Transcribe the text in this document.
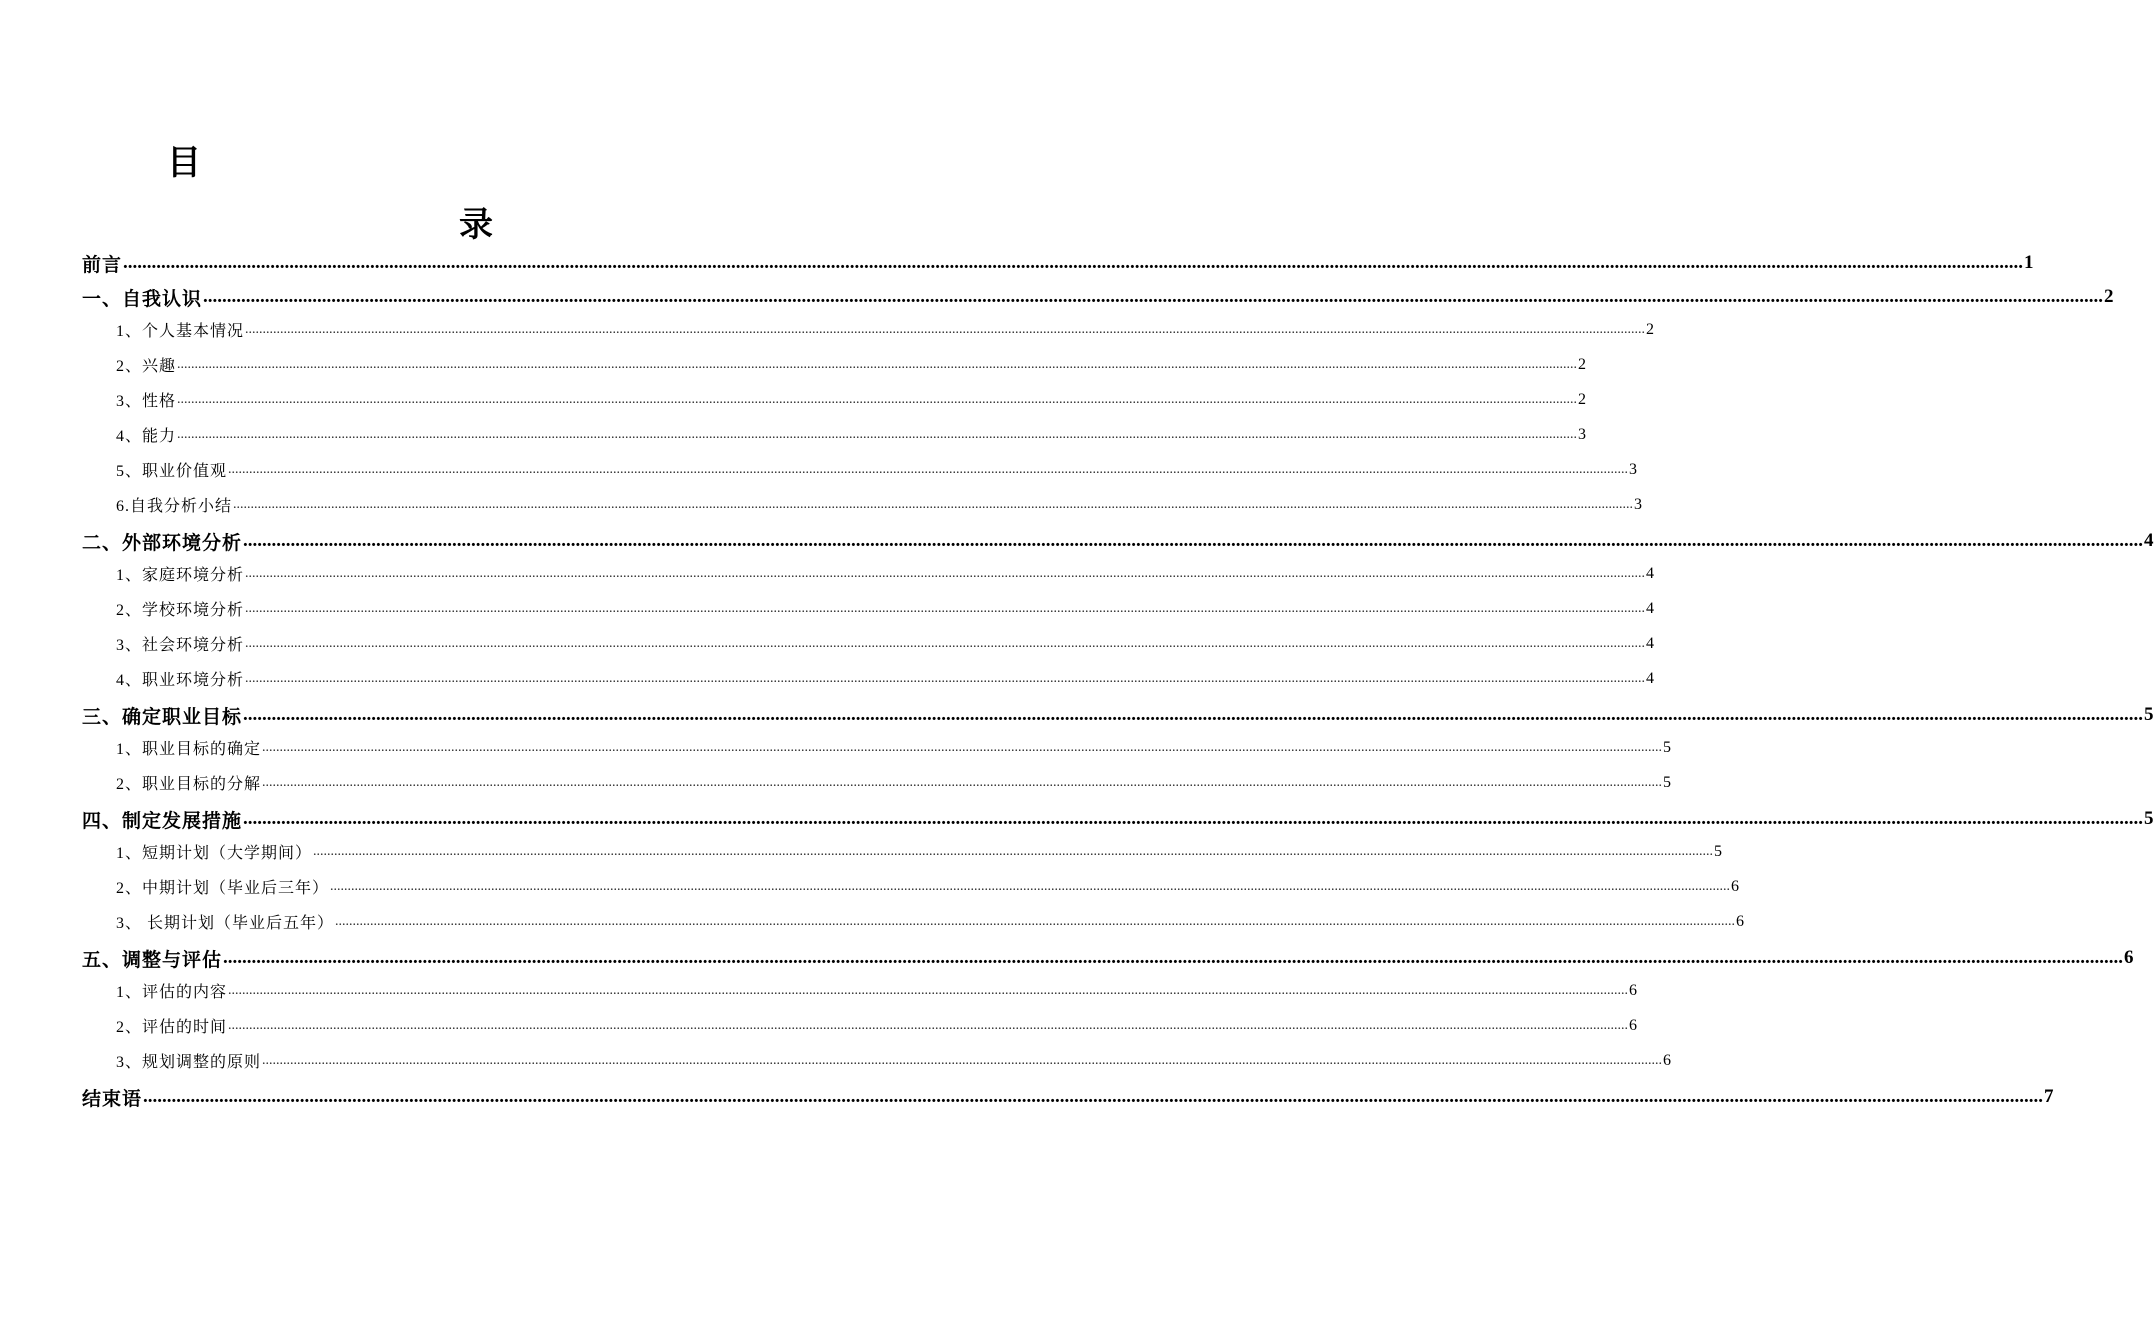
目
录
前言 ................................................................................................................................................................................................................................................................................................................................................................................................................ 1
一、自我认识 ................................................................................................................................................................................................................................................................................................................................................................................................................ 2
1、个人基本情况 ................................................................................................................................................................................................................................................................................................................................................................................................................ 2
2、兴趣 ................................................................................................................................................................................................................................................................................................................................................................................................................ 2
3、性格 ................................................................................................................................................................................................................................................................................................................................................................................................................ 2
4、能力 ................................................................................................................................................................................................................................................................................................................................................................................................................ 3
5、职业价值观 ................................................................................................................................................................................................................................................................................................................................................................................................................ 3
6.自我分析小结 ................................................................................................................................................................................................................................................................................................................................................................................................................ 3
二、外部环境分析 ................................................................................................................................................................................................................................................................................................................................................................................................................ 4
1、家庭环境分析 ................................................................................................................................................................................................................................................................................................................................................................................................................ 4
2、学校环境分析 ................................................................................................................................................................................................................................................................................................................................................................................................................ 4
3、社会环境分析 ................................................................................................................................................................................................................................................................................................................................................................................................................ 4
4、职业环境分析 ................................................................................................................................................................................................................................................................................................................................................................................................................ 4
三、确定职业目标 ................................................................................................................................................................................................................................................................................................................................................................................................................ 5
1、职业目标的确定 ................................................................................................................................................................................................................................................................................................................................................................................................................ 5
2、职业目标的分解 ................................................................................................................................................................................................................................................................................................................................................................................................................ 5
四、制定发展措施 ................................................................................................................................................................................................................................................................................................................................................................................................................ 5
1、短期计划（大学期间） ................................................................................................................................................................................................................................................................................................................................................................................................................ 5
2、中期计划（毕业后三年） ................................................................................................................................................................................................................................................................................................................................................................................................................ 6
3、 长期计划（毕业后五年） ................................................................................................................................................................................................................................................................................................................................................................................................................ 6
五、调整与评估 ................................................................................................................................................................................................................................................................................................................................................................................................................ 6
1、评估的内容 ................................................................................................................................................................................................................................................................................................................................................................................................................ 6
2、评估的时间 ................................................................................................................................................................................................................................................................................................................................................................................................................ 6
3、规划调整的原则 ................................................................................................................................................................................................................................................................................................................................................................................................................ 6
结束语 ................................................................................................................................................................................................................................................................................................................................................................................................................ 7
